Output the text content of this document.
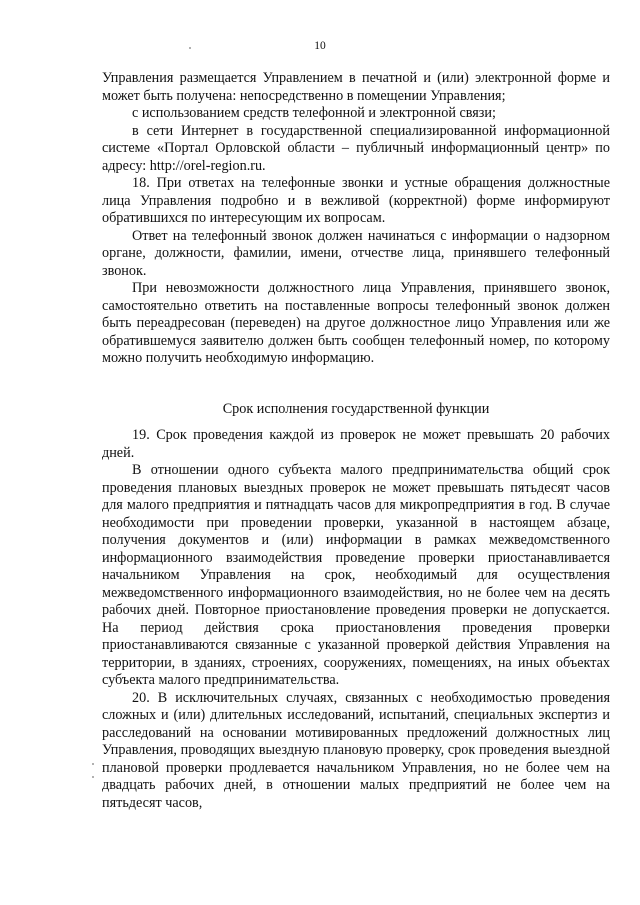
10

Управления размещается Управлением в печатной и (или) электронной форме и может быть получена: непосредственно в помещении Управления;

с использованием средств телефонной и электронной связи;

в сети Интернет в государственной специализированной информационной системе «Портал Орловской области – публичный информационный центр» по адресу: http://orel-region.ru.

18. При ответах на телефонные звонки и устные обращения должностные лица Управления подробно и в вежливой (корректной) форме информируют обратившихся по интересующим их вопросам.

Ответ на телефонный звонок должен начинаться с информации о надзорном органе, должности, фамилии, имени, отчестве лица, принявшего телефонный звонок.

При невозможности должностного лица Управления, принявшего звонок, самостоятельно ответить на поставленные вопросы телефонный звонок должен быть переадресован (переведен) на другое должностное лицо Управления или же обратившемуся заявителю должен быть сообщен телефонный номер, по которому можно получить необходимую информацию.

Срок исполнения государственной функции

19. Срок проведения каждой из проверок не может превышать 20 рабочих дней.

В отношении одного субъекта малого предпринимательства общий срок проведения плановых выездных проверок не может превышать пятьдесят часов для малого предприятия и пятнадцать часов для микропредприятия в год. В случае необходимости при проведении проверки, указанной в настоящем абзаце, получения документов и (или) информации в рамках межведомственного информационного взаимодействия проведение проверки приостанавливается начальником Управления на срок, необходимый для осуществления межведомственного информационного взаимодействия, но не более чем на десять рабочих дней. Повторное приостановление проведения проверки не допускается. На период действия срока приостановления проведения проверки приостанавливаются связанные с указанной проверкой действия Управления на территории, в зданиях, строениях, сооружениях, помещениях, на иных объектах субъекта малого предпринимательства.

20. В исключительных случаях, связанных с необходимостью проведения сложных и (или) длительных исследований, испытаний, специальных экспертиз и расследований на основании мотивированных предложений должностных лиц Управления, проводящих выездную плановую проверку, срок проведения выездной плановой проверки продлевается начальником Управления, но не более чем на двадцать рабочих дней, в отношении малых предприятий не более чем на пятьдесят часов,
